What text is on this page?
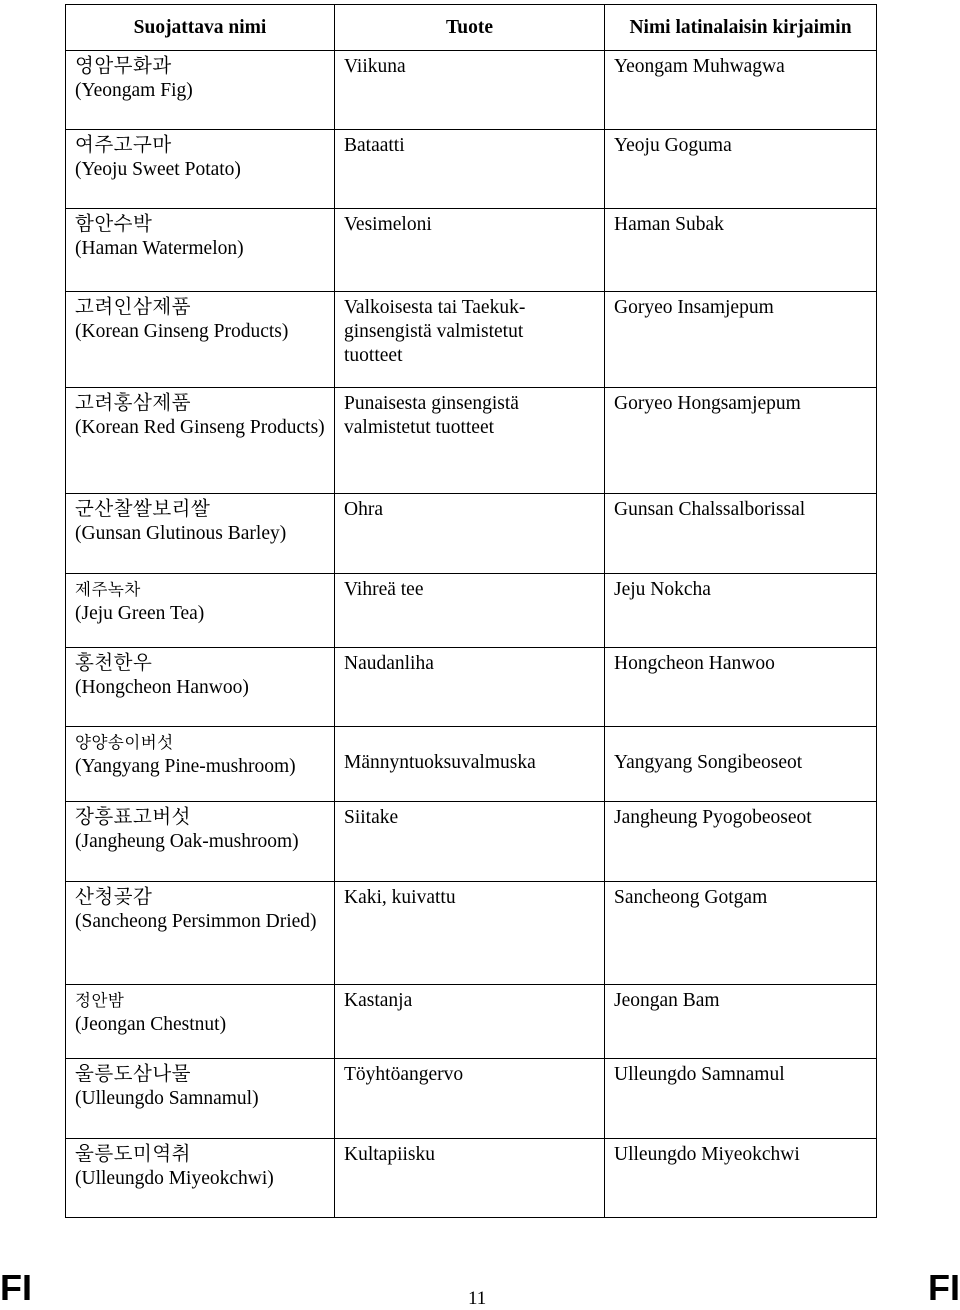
Suojattava nimi	Tuote	Nimi latinalaisin kirjaimin

영암무화과
(Yeongam Fig)	Viikuna	Yeongam Muhwagwa

여주고구마
(Yeoju Sweet Potato)	Bataatti	Yeoju Goguma

함안수박
(Haman Watermelon)	Vesimeloni	Haman Subak

고려인삼제품
(Korean Ginseng Products)	Valkoisesta tai Taekuk-
ginsengistä valmistetut
tuotteet	Goryeo Insamjepum

고려홍삼제품
(Korean Red Ginseng Products)	Punaisesta ginsengistä
valmistetut tuotteet	Goryeo Hongsamjepum

군산찰쌀보리쌀
(Gunsan Glutinous Barley)	Ohra	Gunsan Chalssalborissal

제주녹차
(Jeju Green Tea)	Vihreä tee	Jeju Nokcha

홍천한우
(Hongcheon Hanwoo)	Naudanliha	Hongcheon Hanwoo

양양송이버섯
(Yangyang Pine-mushroom)	Männyntuoksuvalmuska	Yangyang Songibeoseot

장흥표고버섯
(Jangheung Oak-mushroom)	Siitake	Jangheung Pyogobeoseot

산청곶감
(Sancheong Persimmon Dried)	Kaki, kuivattu	Sancheong Gotgam

정안밤
(Jeongan Chestnut)	Kastanja	Jeongan Bam

울릉도삼나물
(Ulleungdo Samnamul)	Töyhtöangervo	Ulleungdo Samnamul

울릉도미역취
(Ulleungdo Miyeokchwi)	Kultapiisku	Ulleungdo Miyeokchwi
FI	11	FI
